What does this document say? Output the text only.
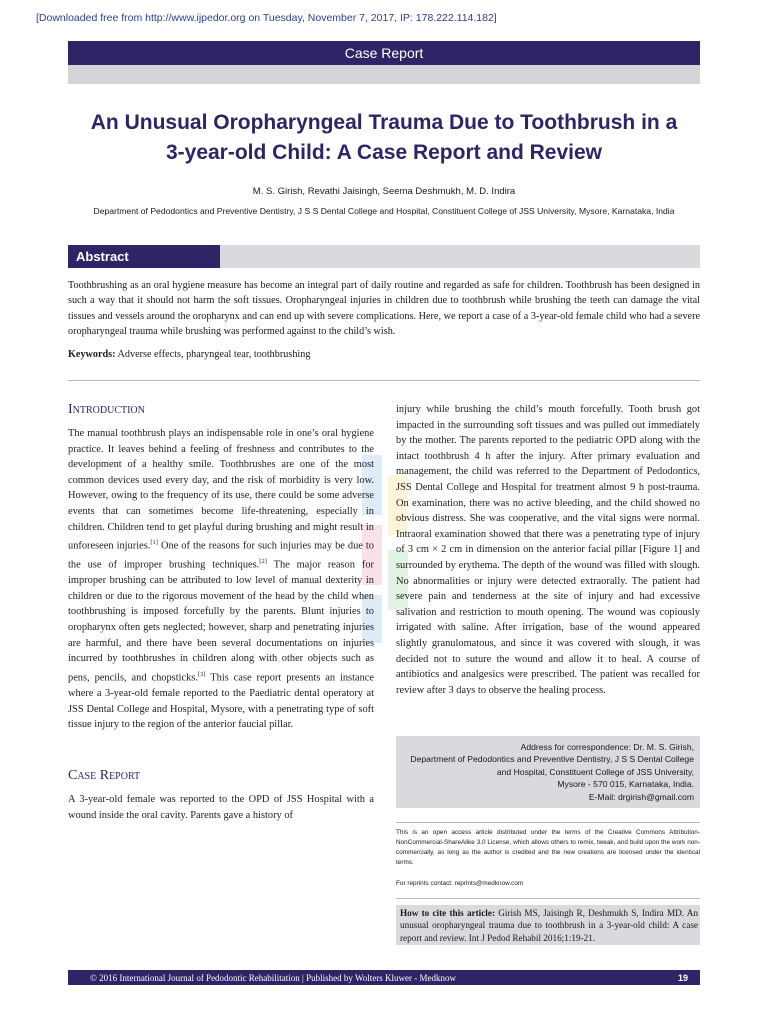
[Downloaded free from http://www.ijpedor.org on Tuesday, November 7, 2017, IP: 178.222.114.182]
Case Report
An Unusual Oropharyngeal Trauma Due to Toothbrush in a
3-year-old Child: A Case Report and Review
M. S. Girish, Revathi Jaisingh, Seema Deshmukh, M. D. Indira
Department of Pedodontics and Preventive Dentistry, J S S Dental College and Hospital, Constituent College of JSS University, Mysore, Karnataka, India
Abstract
Toothbrushing as an oral hygiene measure has become an integral part of daily routine and regarded as safe for children. Toothbrush has been designed in such a way that it should not harm the soft tissues. Oropharyngeal injuries in children due to toothbrush while brushing the teeth can damage the vital tissues and vessels around the oropharynx and can end up with severe complications. Here, we report a case of a 3-year-old female child who had a severe oropharyngeal trauma while brushing was performed against to the child’s wish.
Keywords: Adverse effects, pharyngeal tear, toothbrushing
Introduction
The manual toothbrush plays an indispensable role in one’s oral hygiene practice. It leaves behind a feeling of freshness and contributes to the development of a healthy smile. Toothbrushes are one of the most common devices used every day, and the risk of morbidity is very low. However, owing to the frequency of its use, there could be some adverse events that can sometimes become life-threatening, especially in children. Children tend to get playful during brushing and might result in unforeseen injuries.[1] One of the reasons for such injuries may be due to the use of improper brushing techniques.[2] The major reason for improper brushing can be attributed to low level of manual dexterity in children or due to the rigorous movement of the head by the child when toothbrushing is imposed forcefully by the parents. Blunt injuries to oropharynx often gets neglected; however, sharp and penetrating injuries are harmful, and there have been several documentations on injuries incurred by toothbrushes in children along with other objects such as pens, pencils, and chopsticks.[3] This case report presents an instance where a 3-year-old female reported to the Paediatric dental operatory at JSS Dental College and Hospital, Mysore, with a penetrating type of soft tissue injury to the region of the anterior faucial pillar.
Case Report
A 3-year-old female was reported to the OPD of JSS Hospital with a wound inside the oral cavity. Parents gave a history of
injury while brushing the child’s mouth forcefully. Tooth brush got impacted in the surrounding soft tissues and was pulled out immediately by the mother. The parents reported to the pediatric OPD along with the intact toothbrush 4 h after the injury. After primary evaluation and management, the child was referred to the Department of Pedodontics, JSS Dental College and Hospital for treatment almost 9 h post-trauma. On examination, there was no active bleeding, and the child showed no obvious distress. She was cooperative, and the vital signs were normal. Intraoral examination showed that there was a penetrating type of injury of 3 cm × 2 cm in dimension on the anterior facial pillar [Figure 1] and surrounded by erythema. The depth of the wound was filled with slough. No abnormalities or injury were detected extraorally. The patient had severe pain and tenderness at the site of injury and had excessive salivation and restriction to mouth opening. The wound was copiously irrigated with saline. After irrigation, base of the wound appeared slightly granulomatous, and since it was covered with slough, it was decided not to suture the wound and allow it to heal. A course of antibiotics and analgesics were prescribed. The patient was recalled for review after 3 days to observe the healing process.
Address for correspondence: Dr. M. S. Girish,
Department of Pedodontics and Preventive Dentistry, J S S Dental College
and Hospital, Constituent College of JSS University,
Mysore - 570 015, Karnataka, India.
E-Mail: drgirish@gmail.com
This is an open access article distributed under the terms of the Creative Commons Attribution-NonCommercial-ShareAlike 3.0 License, which allows others to remix, tweak, and build upon the work non-commercially, as long as the author is credited and the new creations are licensed under the identical terms.
For reprints contact: reprints@medknow.com
How to cite this article: Girish MS, Jaisingh R, Deshmukh S, Indira MD. An unusual oropharyngeal trauma due to toothbrush in a 3-year-old child: A case report and review. Int J Pedod Rehabil 2016;1:19-21.
© 2016 International Journal of Pedodontic Rehabilitation | Published by Wolters Kluwer - Medknow	19
